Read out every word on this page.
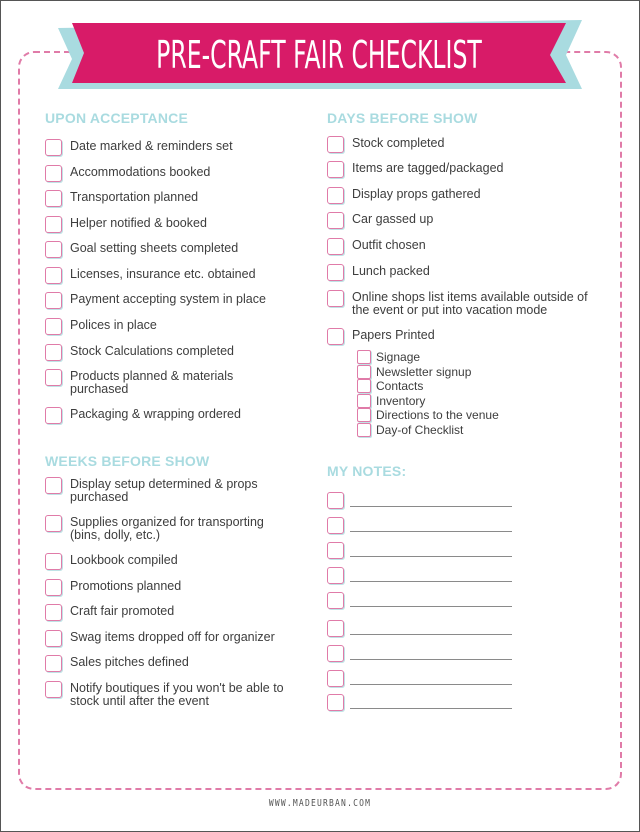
PRE-CRAFT FAIR CHECKLIST
UPON ACCEPTANCE
Date marked & reminders set
Accommodations booked
Transportation planned
Helper notified & booked
Goal setting sheets completed
Licenses, insurance etc. obtained
Payment accepting system in place
Polices in place
Stock Calculations completed
Products planned & materials purchased
Packaging & wrapping ordered
WEEKS BEFORE SHOW
Display setup determined & props purchased
Supplies organized for transporting (bins, dolly, etc.)
Lookbook compiled
Promotions planned
Craft fair promoted
Swag items dropped off for organizer
Sales pitches defined
Notify boutiques if you won't be able to stock until after the event
DAYS BEFORE SHOW
Stock completed
Items are tagged/packaged
Display props gathered
Car gassed up
Outfit chosen
Lunch packed
Online shops list items available outside of the event or put into vacation mode
Papers Printed
Signage
Newsletter signup
Contacts
Inventory
Directions to the venue
Day-of Checklist
MY NOTES:
WWW.MADEURBAN.COM
